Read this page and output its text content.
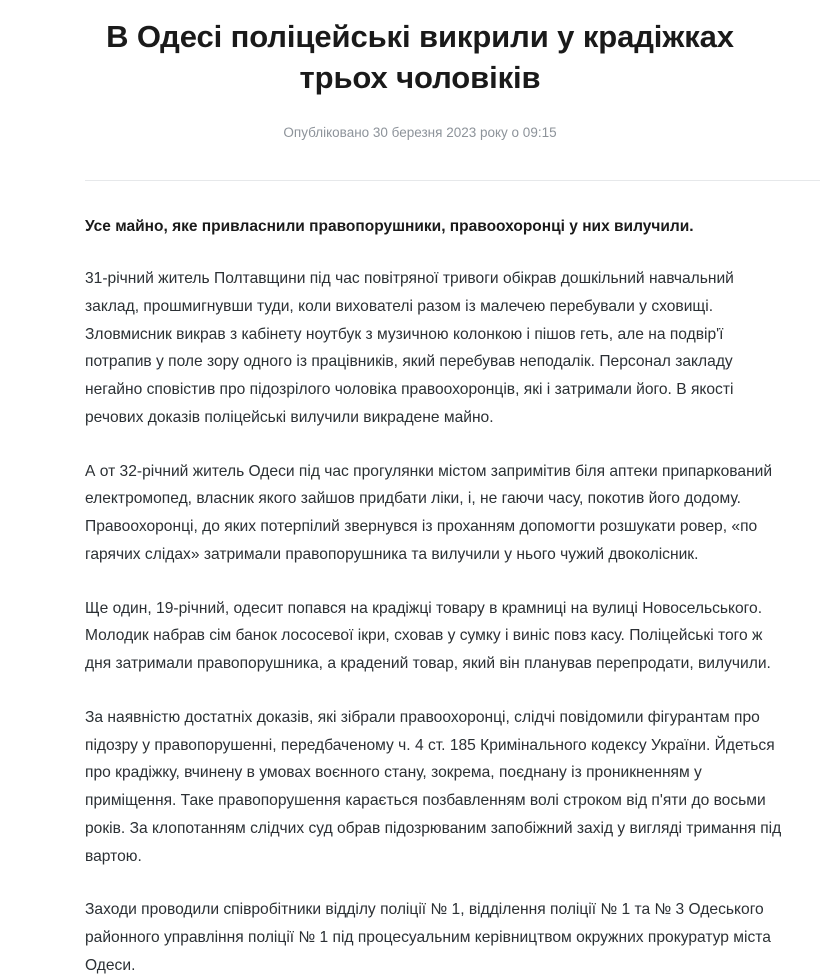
В Одесі поліцейські викрили у крадіжках трьох чоловіків
Опубліковано 30 березня 2023 року о 09:15

Усе майно, яке привласнили правопорушники, правоохоронці у них вилучили.

31-річний житель Полтавщини під час повітряної тривоги обікрав дошкільний навчальний заклад, прошмигнувши туди, коли вихователі разом із малечею перебували у сховищі. Зловмисник викрав з кабінету ноутбук з музичною колонкою і пішов геть, але на подвір'ї потрапив у поле зору одного із працівників, який перебував неподалік. Персонал закладу негайно сповістив про підозрілого чоловіка правоохоронців, які і затримали його. В якості речових доказів поліцейські вилучили викрадене майно.

А от 32-річний житель Одеси під час прогулянки містом запримітив біля аптеки припаркований електромопед, власник якого зайшов придбати ліки, і, не гаючи часу, покотив його додому. Правоохоронці, до яких потерпілий звернувся із проханням допомогти розшукати ровер, «по гарячих слідах» затримали правопорушника та вилучили у нього чужий двоколісник.

Ще один, 19-річний, одесит попався на крадіжці товару в крамниці на вулиці Новосельського. Молодик набрав сім банок лососевої ікри, сховав у сумку і виніс повз касу. Поліцейські того ж дня затримали правопорушника, а крадений товар, який він планував перепродати, вилучили.

За наявністю достатніх доказів, які зібрали правоохоронці, слідчі повідомили фігурантам про підозру у правопорушенні, передбаченому ч. 4 ст. 185 Кримінального кодексу України. Йдеться про крадіжку, вчинену в умовах воєнного стану, зокрема, поєднану із проникненням у приміщення. Таке правопорушення карається позбавленням волі строком від п'яти до восьми років. За клопотанням слідчих суд обрав підозрюваним запобіжний захід у вигляді тримання під вартою.

Заходи проводили співробітники відділу поліції № 1, відділення поліції № 1 та № 3 Одеського районного управління поліції № 1 під процесуальним керівництвом окружних прокуратур міста Одеси.
